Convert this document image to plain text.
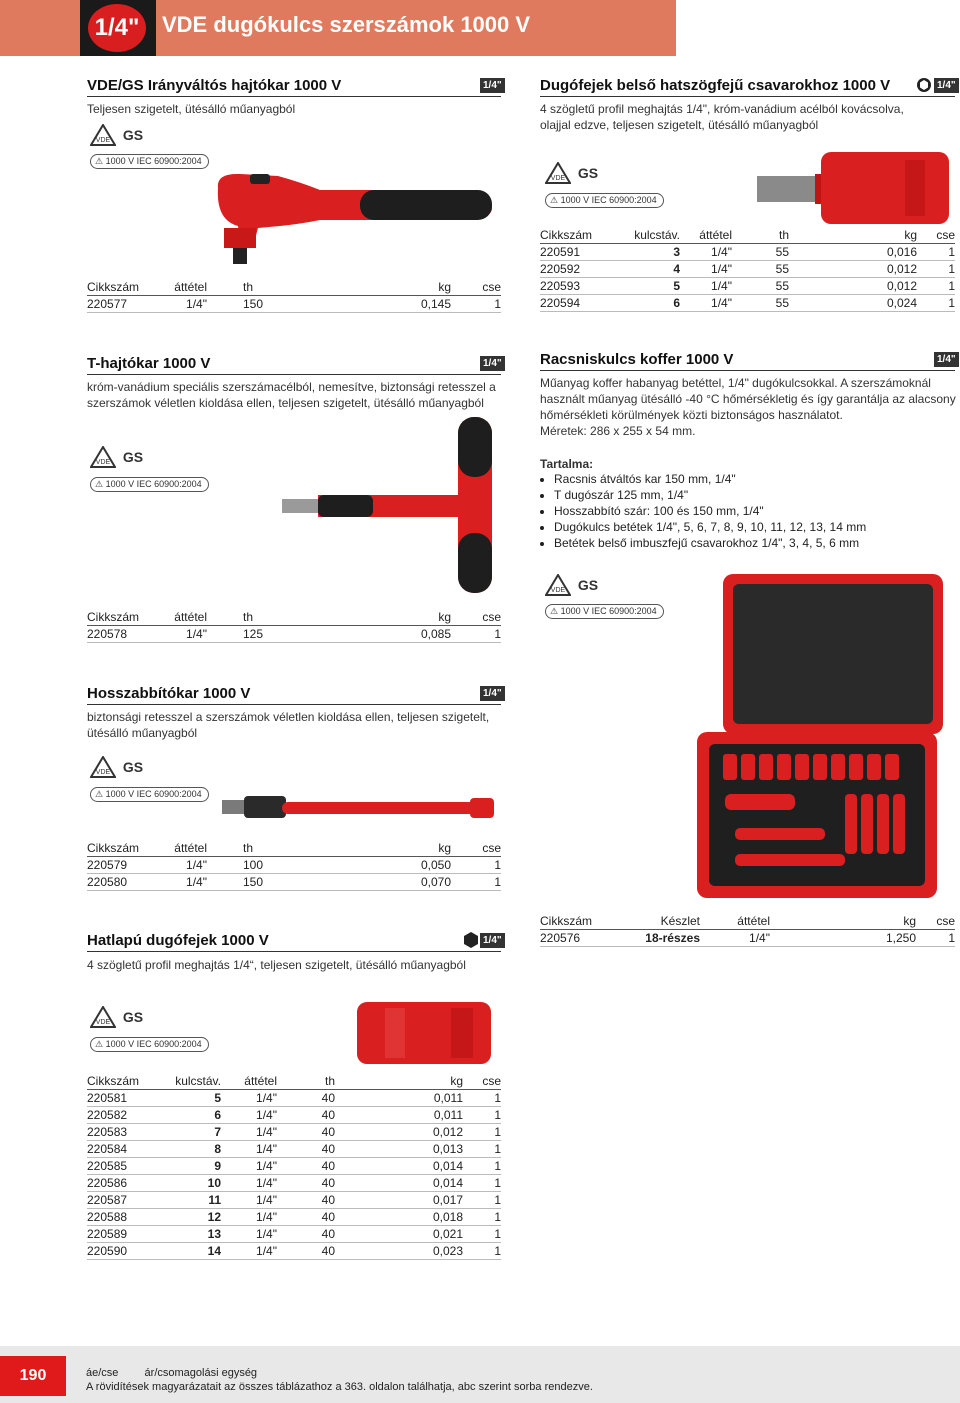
1/4"	VDE dugókulcs szerszámok 1000 V
VDE/GS Irányváltós hajtókar 1000 V	1/4"
Teljesen szigetelt, ütésálló műanyagból
VDE GS
⚠ 1000 V IEC 60900:2004
Cikkszám	áttétel	th	kg	cse
220577	1/4"	150	0,145	1
Dugófejek belső hatszögfejű csavarokhoz 1000 V	1/4"
4 szögletű profil meghajtás 1/4", króm-vanádium acélból kovácsolva,
olajjal edzve, teljesen szigetelt, ütésálló műanyagból
VDE GS
⚠ 1000 V IEC 60900:2004
Cikkszám	kulcstáv.	áttétel	th	kg	cse
220591	3	1/4"	55	0,016	1
220592	4	1/4"	55	0,012	1
220593	5	1/4"	55	0,012	1
220594	6	1/4"	55	0,024	1
T-hajtókar 1000 V	1/4"
króm-vanádium speciális szerszámacélból, nemesítve, biztonsági retesszel a
szerszámok véletlen kioldása ellen, teljesen szigetelt, ütésálló műanyagból
VDE GS
⚠ 1000 V IEC 60900:2004
Cikkszám	áttétel	th	kg	cse
220578	1/4"	125	0,085	1
Racsniskulcs koffer 1000 V	1/4"
Műanyag koffer habanyag betéttel, 1/4" dugókulcsokkal. A szerszámoknál
használt műanyag ütésálló -40 °C hőmérsékletig és így garantálja az alacsony
hőmérsékleti körülmények közti biztonságos használatot.
Méretek: 286 x 255 x 54 mm.
Tartalma:
• Racsnis átváltós kar 150 mm, 1/4"
• T dugószár 125 mm, 1/4"
• Hosszabbító szár: 100 és 150 mm, 1/4"
• Dugókulcs betétek 1/4", 5, 6, 7, 8, 9, 10, 11, 12, 13, 14 mm
• Betétek belső imbuszfejű csavarokhoz 1/4", 3, 4, 5, 6 mm
VDE GS
⚠ 1000 V IEC 60900:2004
Cikkszám	Készlet	áttétel	kg	cse
220576	18-részes	1/4"	1,250	1
Hosszabbítókar 1000 V	1/4"
biztonsági retesszel a szerszámok véletlen kioldása ellen, teljesen szigetelt,
ütésálló műanyagból
VDE GS
⚠ 1000 V IEC 60900:2004
Cikkszám	áttétel	th	kg	cse
220579	1/4"	100	0,050	1
220580	1/4"	150	0,070	1
Hatlapú dugófejek 1000 V	1/4"
4 szögletű profil meghajtás 1/4“, teljesen szigetelt, ütésálló műanyagból
VDE GS
⚠ 1000 V IEC 60900:2004
Cikkszám	kulcstáv.	áttétel	th	kg	cse
220581	5	1/4"	40	0,011	1
220582	6	1/4"	40	0,011	1
220583	7	1/4"	40	0,012	1
220584	8	1/4"	40	0,013	1
220585	9	1/4"	40	0,014	1
220586	10	1/4"	40	0,014	1
220587	11	1/4"	40	0,017	1
220588	12	1/4"	40	0,018	1
220589	13	1/4"	40	0,021	1
220590	14	1/4"	40	0,023	1
190	áe/cse ár/csomagolási egység
A rövidítések magyarázatait az összes táblázathoz a 363. oldalon találhatja, abc szerint sorba rendezve.
